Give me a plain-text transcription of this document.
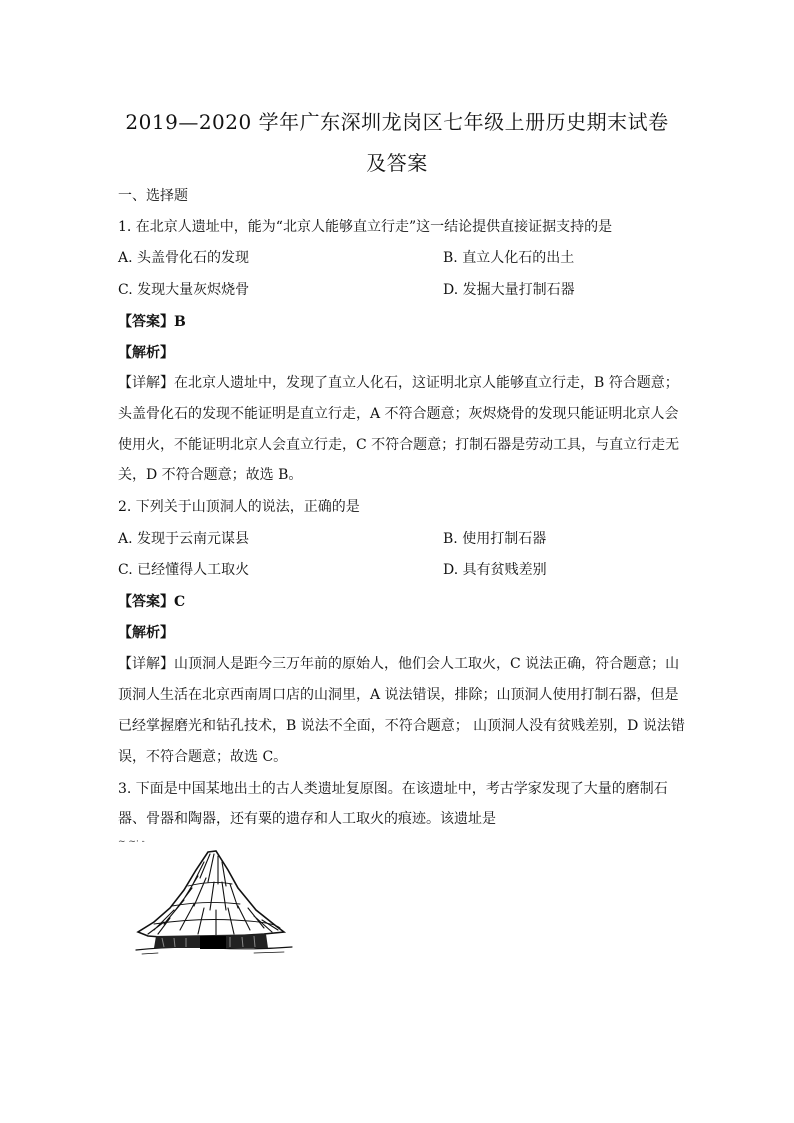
2019—2020 学年广东深圳龙岗区七年级上册历史期末试卷
及答案
一、选择题
1. 在北京人遗址中，能为“北京人能够直立行走”这一结论提供直接证据支持的是
A. 头盖骨化石的发现	B. 直立人化石的出土
C. 发现大量灰烬烧骨	D. 发掘大量打制石器
【答案】B
【解析】
【详解】在北京人遗址中，发现了直立人化石，这证明北京人能够直立行走，B 符合题意；
头盖骨化石的发现不能证明是直立行走，A 不符合题意；灰烬烧骨的发现只能证明北京人会
使用火，不能证明北京人会直立行走，C 不符合题意；打制石器是劳动工具，与直立行走无
关，D 不符合题意；故选 B。
2. 下列关于山顶洞人的说法，正确的是
A. 发现于云南元谋县	B. 使用打制石器
C. 已经懂得人工取火	D. 具有贫贱差别
【答案】C
【解析】
【详解】山顶洞人是距今三万年前的原始人，他们会人工取火，C 说法正确，符合题意；山
顶洞人生活在北京西南周口店的山洞里，A 说法错误，排除；山顶洞人使用打制石器，但是
已经掌握磨光和钻孔技术，B 说法不全面，不符合题意； 山顶洞人没有贫贱差别，D 说法错
误，不符合题意；故选 C。
3. 下面是中国某地出土的古人类遗址复原图。在该遗址中，考古学家发现了大量的磨制石
器、骨器和陶器，还有粟的遗存和人工取火的痕迹。该遗址是
~ ~· -
